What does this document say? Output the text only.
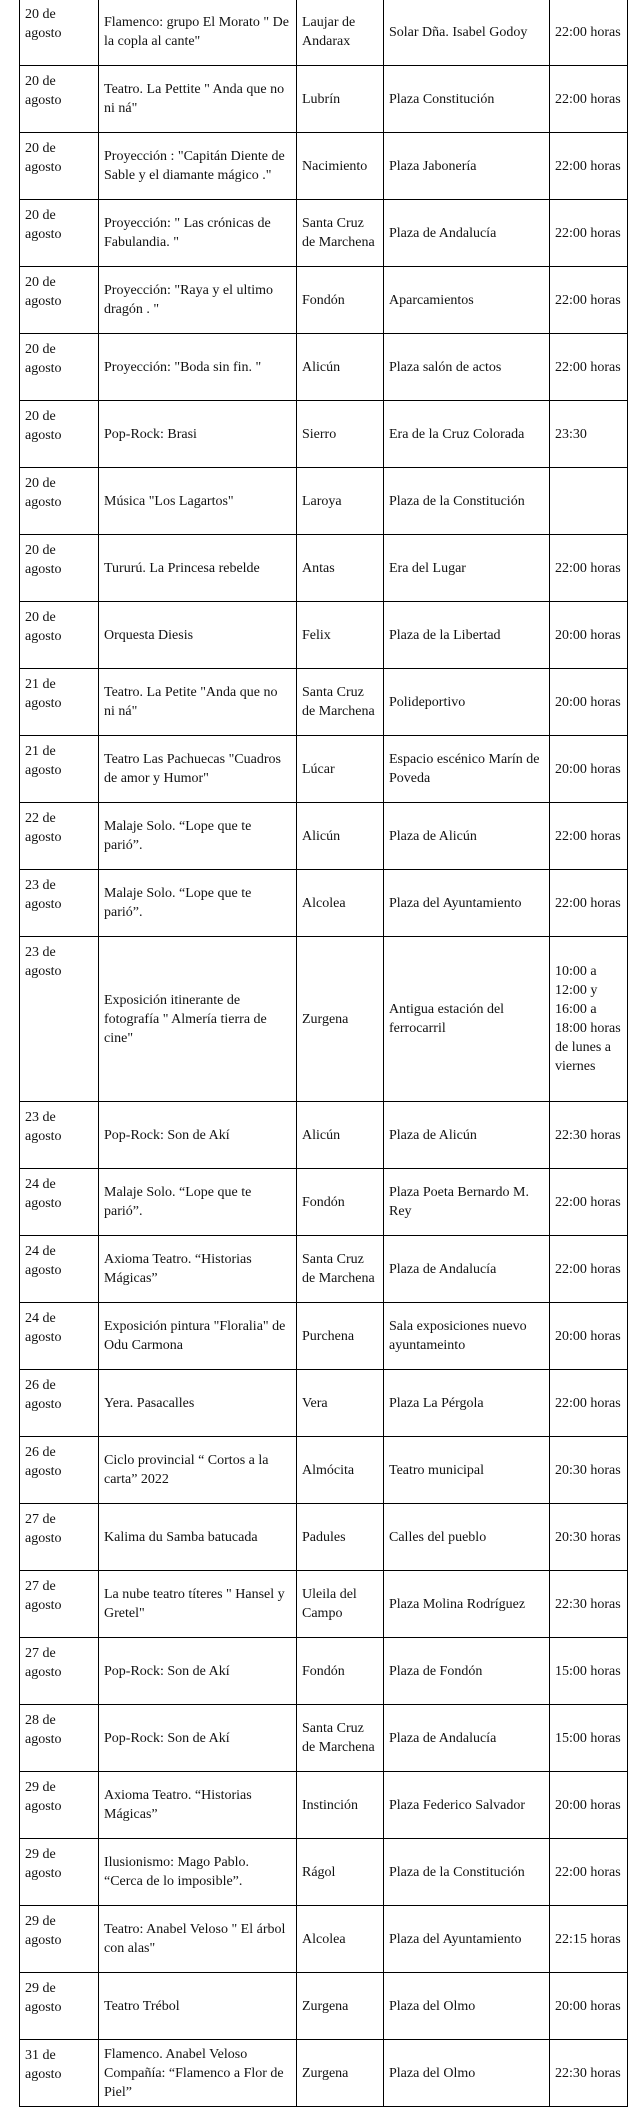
20 de agosto	Flamenco: grupo El Morato " De la copla al cante"	Laujar de Andarax	Solar Dña. Isabel Godoy	22:00 horas
20 de agosto	Teatro. La Pettite " Anda que no ni ná"	Lubrín	Plaza Constitución	22:00 horas
20 de agosto	Proyección : "Capitán Diente de Sable y el diamante mágico ."	Nacimiento	Plaza Jabonería	22:00 horas
20 de agosto	Proyección: " Las crónicas de Fabulandia. "	Santa Cruz de Marchena	Plaza de Andalucía	22:00 horas
20 de agosto	Proyección: "Raya y el ultimo dragón . "	Fondón	Aparcamientos	22:00 horas
20 de agosto	Proyección: "Boda sin fin. "	Alicún	Plaza salón de actos	22:00 horas
20 de agosto	Pop-Rock: Brasi	Sierro	Era de la Cruz Colorada	23:30
20 de agosto	Música "Los Lagartos"	Laroya	Plaza de la Constitución	
20 de agosto	Tururú. La Princesa rebelde	Antas	Era del Lugar	22:00 horas
20 de agosto	Orquesta Diesis	Felix	Plaza de la Libertad	20:00 horas
21 de agosto	Teatro. La Petite "Anda que no ni ná"	Santa Cruz de Marchena	Polideportivo	20:00 horas
21 de agosto	Teatro Las Pachuecas "Cuadros de amor y Humor"	Lúcar	Espacio escénico Marín de Poveda	20:00 horas
22 de agosto	Malaje Solo. “Lope que te parió”.	Alicún	Plaza de Alicún	22:00 horas
23 de agosto	Malaje Solo. “Lope que te parió”.	Alcolea	Plaza del Ayuntamiento	22:00 horas
23 de agosto	Exposición itinerante de fotografía " Almería tierra de cine"	Zurgena	Antigua estación del ferrocarril	10:00 a 12:00 y 16:00 a 18:00 horas de lunes a viernes
23 de agosto	Pop-Rock: Son de Akí	Alicún	Plaza de Alicún	22:30 horas
24 de agosto	Malaje Solo. “Lope que te parió”.	Fondón	Plaza Poeta Bernardo M. Rey	22:00 horas
24 de agosto	Axioma Teatro. “Historias Mágicas”	Santa Cruz de Marchena	Plaza de Andalucía	22:00 horas
24 de agosto	Exposición pintura "Floralia" de Odu Carmona	Purchena	Sala exposiciones nuevo ayuntameinto	20:00 horas
26 de agosto	Yera. Pasacalles	Vera	Plaza La Pérgola	22:00 horas
26 de agosto	Ciclo provincial “ Cortos a la carta” 2022	Almócita	Teatro municipal	20:30 horas
27 de agosto	Kalima du Samba batucada	Padules	Calles del pueblo	20:30 horas
27 de agosto	La nube teatro títeres " Hansel y Gretel"	Uleila del Campo	Plaza Molina Rodríguez	22:30 horas
27 de agosto	Pop-Rock: Son de Akí	Fondón	Plaza de Fondón	15:00 horas
28 de agosto	Pop-Rock: Son de Akí	Santa Cruz de Marchena	Plaza de Andalucía	15:00 horas
29 de agosto	Axioma Teatro. “Historias Mágicas”	Instinción	Plaza Federico Salvador	20:00 horas
29 de agosto	Ilusionismo: Mago Pablo. “Cerca de lo imposible”.	Rágol	Plaza de la Constitución	22:00 horas
29 de agosto	Teatro: Anabel Veloso " El árbol con alas"	Alcolea	Plaza del Ayuntamiento	22:15 horas
29 de agosto	Teatro Trébol	Zurgena	Plaza del Olmo	20:00 horas
31 de agosto	Flamenco. Anabel Veloso Compañía: “Flamenco a Flor de Piel”	Zurgena	Plaza del Olmo	22:30 horas
